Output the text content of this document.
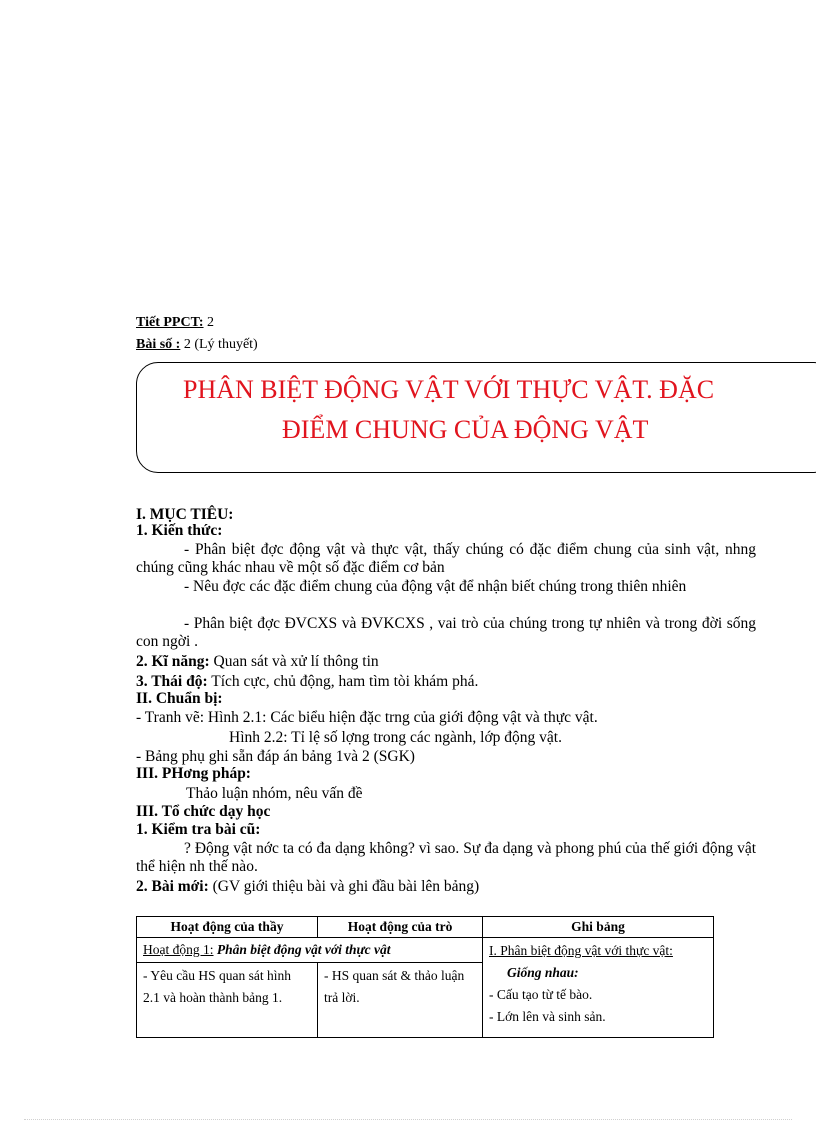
Tiết PPCT: 2
Bài số : 2 (Lý thuyết)
PHÂN BIỆT ĐỘNG VẬT VỚI THỰC VẬT. ĐẶC
ĐIỂM CHUNG CỦA ĐỘNG VẬT
I. MỤC TIÊU:
1. Kiến thức:
- Phân biệt đợc động vật và thực vật, thấy chúng có đặc điểm chung của sinh vật, nhng chúng cũng khác nhau về một số đặc điểm cơ bản
- Nêu đợc các đặc điểm chung của động vật để nhận biết chúng trong thiên nhiên
- Phân biệt đợc ĐVCXS và ĐVKCXS , vai trò của chúng trong tự nhiên và trong đời sống con ngời .
2. Kĩ năng: Quan sát và xử lí thông tin
3. Thái độ: Tích cực, chủ động, ham tìm tòi khám phá.
II. Chuẩn bị:
- Tranh vẽ: Hình 2.1: Các biểu hiện đặc trng của giới động vật và thực vật.
Hình 2.2: Tỉ lệ số lợng trong các ngành, lớp động vật.
- Bảng phụ ghi sẵn đáp án bảng 1và 2 (SGK)
III. PHơng pháp:
Thảo luận nhóm, nêu vấn đề
III. Tổ chức dạy học
1. Kiểm tra bài cũ:
? Động vật nớc ta có đa dạng không? vì sao. Sự đa dạng và phong phú của thế giới động vật thể hiện nh thế nào.
2. Bài mới: (GV giới thiệu bài và ghi đầu bài lên bảng)
Hoạt động của thầy	Hoạt động của trò	Ghi bảng
Hoạt động 1: Phân biệt động vật với thực vật		I. Phân biệt động vật với thực vật:
Giống nhau:
- Cấu tạo từ tế bào.
- Lớn lên và sinh sản.

- Yêu cầu HS quan sát hình 2.1 và hoàn thành bảng 1.	- HS quan sát & thảo luận trả lời.	
